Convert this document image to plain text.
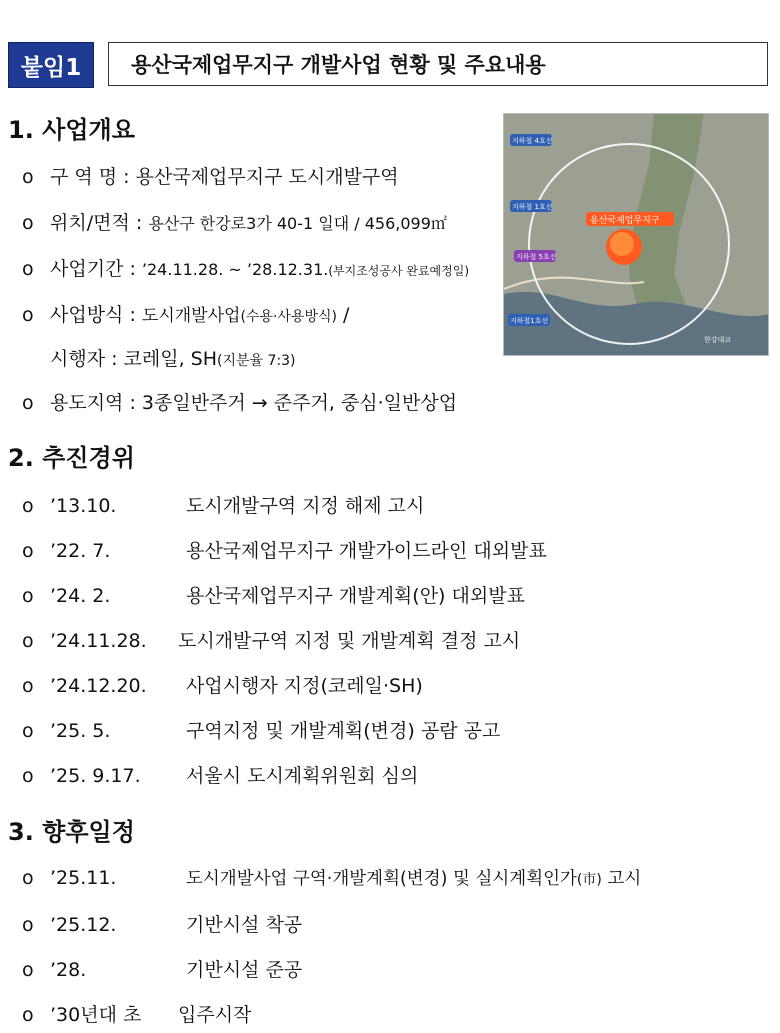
붙임1	용산국제업무지구 개발사업 현황 및 주요내용
1. 사업개요
o 구 역 명 : 용산국제업무지구 도시개발구역
o 위치/면적 : 용산구 한강로3가 40-1 일대 / 456,099㎡
o 사업기간 : ’24.11.28. ~ ’28.12.31.(부지조성공사 완료예정일)
o 사업방식 : 도시개발사업(수용·사용방식) /
시행자 : 코레일, SH(지분율 7:3)
o 용도지역 : 3종일반주거 → 준주거, 중심·일반상업
용산국제업무지구
지하철 4호선
지하철 1호선
지하철 5호선
지하철1호선
한강대교
2. 추진경위
o ’13.10.	도시개발구역 지정 해제 고시
o ’22. 7.	용산국제업무지구 개발가이드라인 대외발표
o ’24. 2.	용산국제업무지구 개발계획(안) 대외발표
o ’24.11.28. 도시개발구역 지정 및 개발계획 결정 고시
o ’24.12.20. 사업시행자 지정(코레일·SH)
o ’25. 5.	구역지정 및 개발계획(변경) 공람 공고
o ’25. 9.17. 서울시 도시계획위원회 심의
3. 향후일정
o ’25.11.	도시개발사업 구역·개발계획(변경) 및 실시계획인가(市) 고시
o ’25.12.	기반시설 착공
o ’28.	기반시설 준공
o ’30년대 초 입주시작
